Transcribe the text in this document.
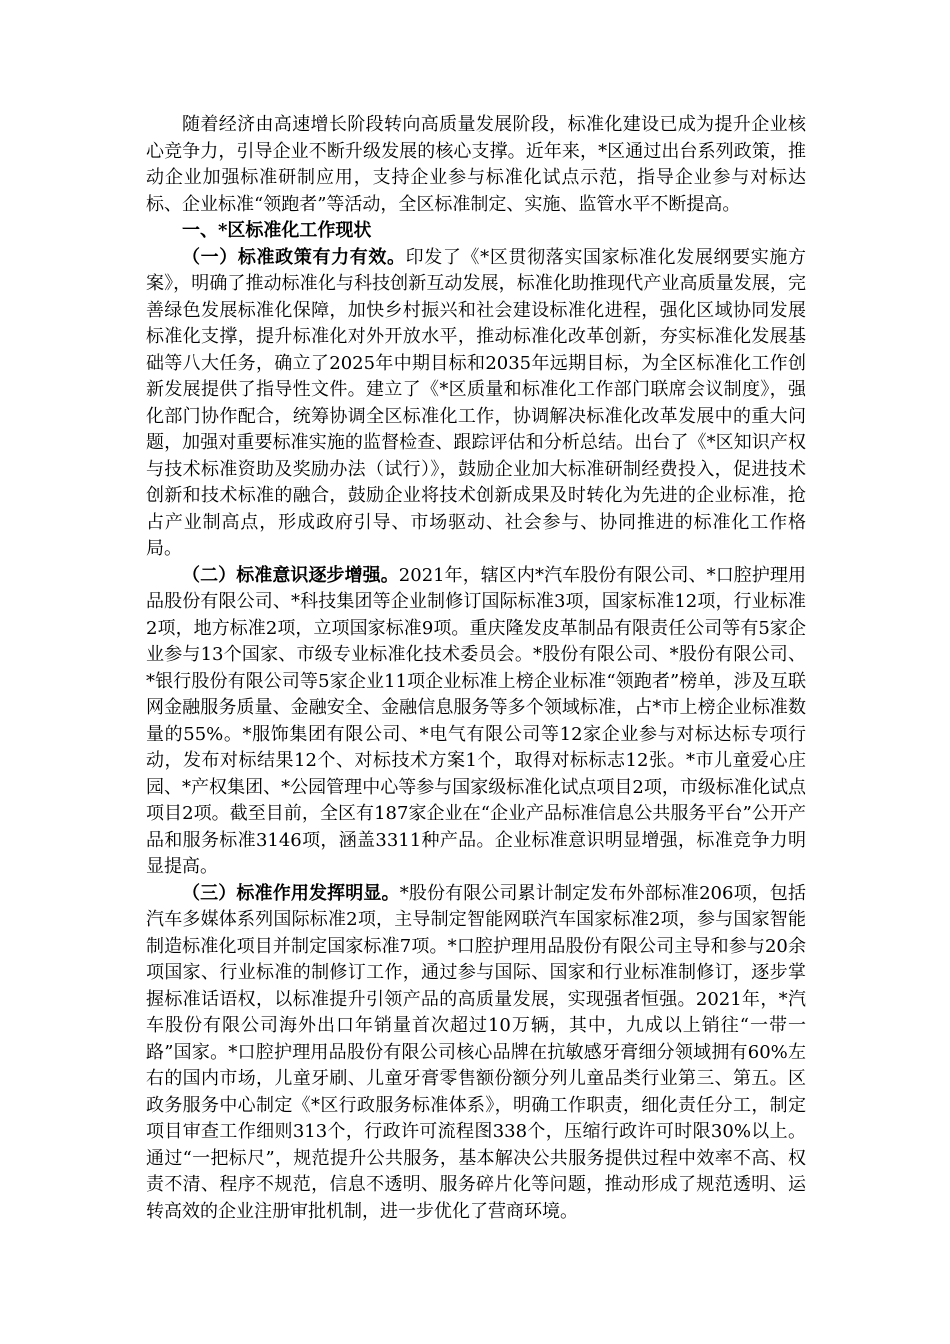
随着经济由高速增长阶段转向高质量发展阶段，标准化建设已成为提升企业核心竞争力，引导企业不断升级发展的核心支撑。近年来，*区通过出台系列政策，推动企业加强标准研制应用，支持企业参与标准化试点示范，指导企业参与对标达标、企业标准“领跑者”等活动，全区标准制定、实施、监管水平不断提高。

一、*区标准化工作现状

（一）标准政策有力有效。印发了《*区贯彻落实国家标准化发展纲要实施方案》，明确了推动标准化与科技创新互动发展，标准化助推现代产业高质量发展，完善绿色发展标准化保障，加快乡村振兴和社会建设标准化进程，强化区域协同发展标准化支撑，提升标准化对外开放水平，推动标准化改革创新，夯实标准化发展基础等八大任务，确立了2025年中期目标和2035年远期目标，为全区标准化工作创新发展提供了指导性文件。建立了《*区质量和标准化工作部门联席会议制度》，强化部门协作配合，统筹协调全区标准化工作，协调解决标准化改革发展中的重大问题，加强对重要标准实施的监督检查、跟踪评估和分析总结。出台了《*区知识产权与技术标准资助及奖励办法（试行）》，鼓励企业加大标准研制经费投入，促进技术创新和技术标准的融合，鼓励企业将技术创新成果及时转化为先进的企业标准，抢占产业制高点，形成政府引导、市场驱动、社会参与、协同推进的标准化工作格局。

（二）标准意识逐步增强。2021年，辖区内*汽车股份有限公司、*口腔护理用品股份有限公司、*科技集团等企业制修订国际标准3项，国家标准12项，行业标准2项，地方标准2项，立项国家标准9项。重庆隆发皮革制品有限责任公司等有5家企业参与13个国家、市级专业标准化技术委员会。*股份有限公司、*股份有限公司、*银行股份有限公司等5家企业11项企业标准上榜企业标准“领跑者”榜单，涉及互联网金融服务质量、金融安全、金融信息服务等多个领域标准，占*市上榜企业标准数量的55%。*服饰集团有限公司、*电气有限公司等12家企业参与对标达标专项行动，发布对标结果12个、对标技术方案1个，取得对标标志12张。*市儿童爱心庄园、*产权集团、*公园管理中心等参与国家级标准化试点项目2项，市级标准化试点项目2项。截至目前，全区有187家企业在“企业产品标准信息公共服务平台”公开产品和服务标准3146项，涵盖3311种产品。企业标准意识明显增强，标准竞争力明显提高。

（三）标准作用发挥明显。*股份有限公司累计制定发布外部标准206项，包括汽车多媒体系列国际标准2项，主导制定智能网联汽车国家标准2项，参与国家智能制造标准化项目并制定国家标准7项。*口腔护理用品股份有限公司主导和参与20余项国家、行业标准的制修订工作，通过参与国际、国家和行业标准制修订，逐步掌握标准话语权，以标准提升引领产品的高质量发展，实现强者恒强。2021年，*汽车股份有限公司海外出口年销量首次超过10万辆，其中，九成以上销往“一带一路”国家。*口腔护理用品股份有限公司核心品牌在抗敏感牙膏细分领域拥有60%左右的国内市场，儿童牙刷、儿童牙膏零售额份额分列儿童品类行业第三、第五。区政务服务中心制定《*区行政服务标准体系》，明确工作职责，细化责任分工，制定项目审查工作细则313个，行政许可流程图338个，压缩行政许可时限30%以上。通过“一把标尺”，规范提升公共服务，基本解决公共服务提供过程中效率不高、权责不清、程序不规范，信息不透明、服务碎片化等问题，推动形成了规范透明、运转高效的企业注册审批机制，进一步优化了营商环境。
